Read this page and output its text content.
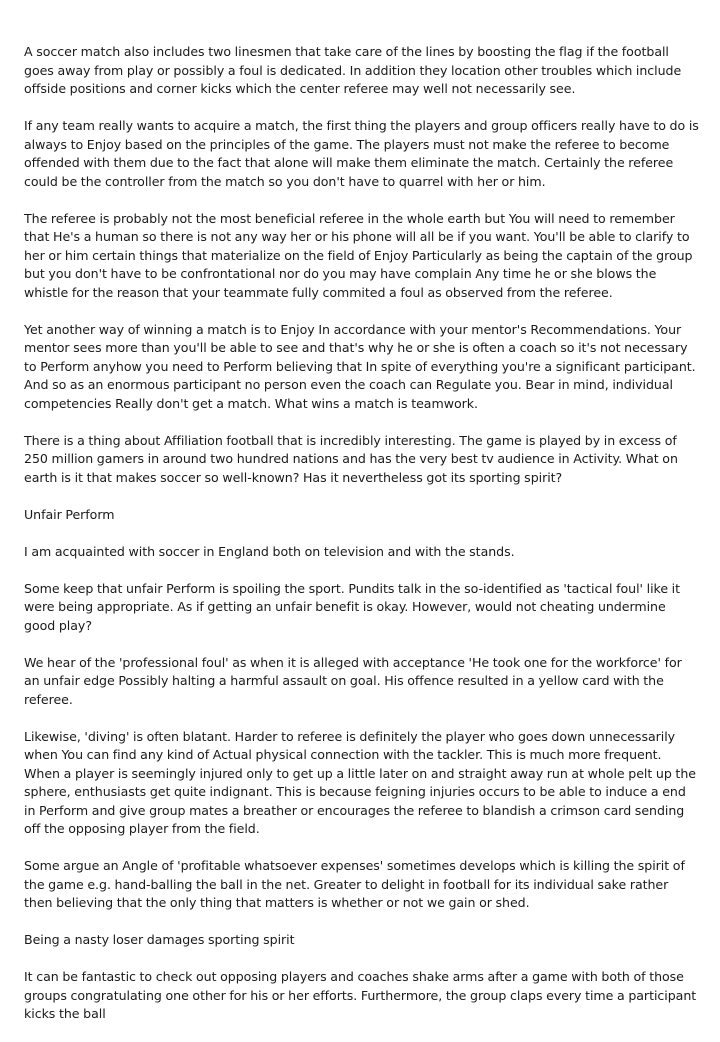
A soccer match also includes two linesmen that take care of the lines by boosting the flag if the football goes away from play or possibly a foul is dedicated. In addition they location other troubles which include offside positions and corner kicks which the center referee may well not necessarily see.

If any team really wants to acquire a match, the first thing the players and group officers really have to do is always to Enjoy based on the principles of the game. The players must not make the referee to become offended with them due to the fact that alone will make them eliminate the match. Certainly the referee could be the controller from the match so you don't have to quarrel with her or him.

The referee is probably not the most beneficial referee in the whole earth but You will need to remember that He's a human so there is not any way her or his phone will all be if you want. You'll be able to clarify to her or him certain things that materialize on the field of Enjoy Particularly as being the captain of the group but you don't have to be confrontational nor do you may have complain Any time he or she blows the whistle for the reason that your teammate fully commited a foul as observed from the referee.

Yet another way of winning a match is to Enjoy In accordance with your mentor's Recommendations. Your mentor sees more than you'll be able to see and that's why he or she is often a coach so it's not necessary to Perform anyhow you need to Perform believing that In spite of everything you're a significant participant. And so as an enormous participant no person even the coach can Regulate you. Bear in mind, individual competencies Really don't get a match. What wins a match is teamwork.

There is a thing about Affiliation football that is incredibly interesting. The game is played by in excess of 250 million gamers in around two hundred nations and has the very best tv audience in Activity. What on earth is it that makes soccer so well-known? Has it nevertheless got its sporting spirit?

Unfair Perform

I am acquainted with soccer in England both on television and with the stands.

Some keep that unfair Perform is spoiling the sport. Pundits talk in the so-identified as 'tactical foul' like it were being appropriate. As if getting an unfair benefit is okay. However, would not cheating undermine good play?

We hear of the 'professional foul' as when it is alleged with acceptance 'He took one for the workforce' for an unfair edge Possibly halting a harmful assault on goal. His offence resulted in a yellow card with the referee.

Likewise, 'diving' is often blatant. Harder to referee is definitely the player who goes down unnecessarily when You can find any kind of Actual physical connection with the tackler. This is much more frequent. When a player is seemingly injured only to get up a little later on and straight away run at whole pelt up the sphere, enthusiasts get quite indignant. This is because feigning injuries occurs to be able to induce a end in Perform and give group mates a breather or encourages the referee to blandish a crimson card sending off the opposing player from the field.

Some argue an Angle of 'profitable whatsoever expenses' sometimes develops which is killing the spirit of the game e.g. hand-balling the ball in the net. Greater to delight in football for its individual sake rather then believing that the only thing that matters is whether or not we gain or shed.

Being a nasty loser damages sporting spirit

It can be fantastic to check out opposing players and coaches shake arms after a game with both of those groups congratulating one other for his or her efforts. Furthermore, the group claps every time a participant kicks the ball
